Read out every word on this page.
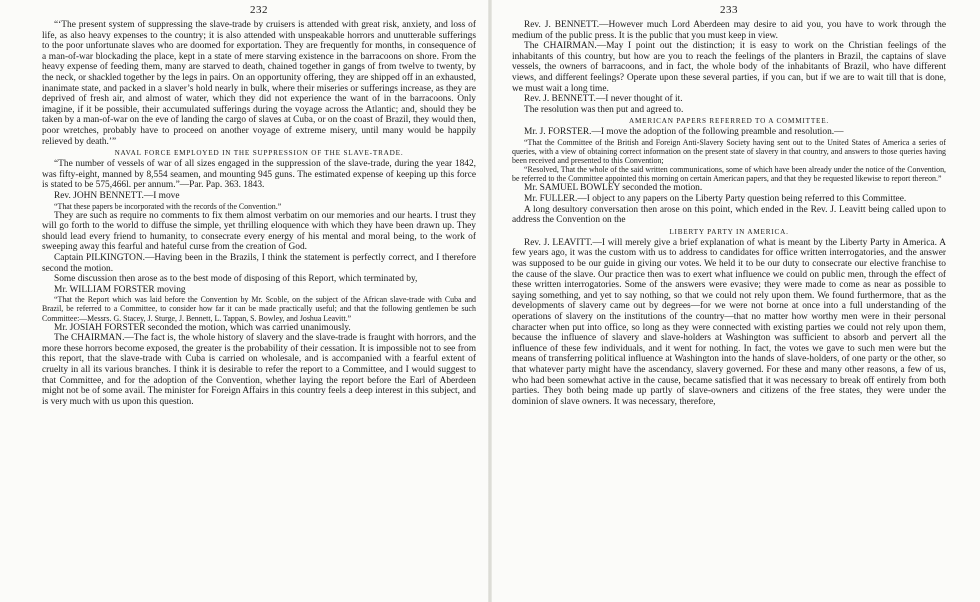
232

“‘The present system of suppressing the slave-trade by cruisers is attended with great risk, anxiety, and loss of life, as also heavy expenses to the country; it is also attended with unspeakable horrors and unutterable sufferings to the poor unfortunate slaves who are doomed for exportation. They are frequently for months, in consequence of a man-of-war blockading the place, kept in a state of mere starving existence in the barracoons on shore. From the heavy expense of feeding them, many are starved to death, chained together in gangs of from twelve to twenty, by the neck, or shackled together by the legs in pairs. On an opportunity offering, they are shipped off in an exhausted, inanimate state, and packed in a slaver’s hold nearly in bulk, where their miseries or sufferings increase, as they are deprived of fresh air, and almost of water, which they did not experience the want of in the barracoons. Only imagine, if it be possible, their accumulated sufferings during the voyage across the Atlantic; and, should they be taken by a man-of-war on the eve of landing the cargo of slaves at Cuba, or on the coast of Brazil, they would then, poor wretches, probably have to proceed on another voyage of extreme misery, until many would be happily relieved by death.’”

NAVAL FORCE EMPLOYED IN THE SUPPRESSION OF THE SLAVE-TRADE.

“The number of vessels of war of all sizes engaged in the suppression of the slave-trade, during the year 1842, was fifty-eight, manned by 8,554 seamen, and mounting 945 guns. The estimated expense of keeping up this force is stated to be 575,466l. per annum.”—Par. Pap. 363. 1843.

Rev. JOHN BENNETT.—I move

“That these papers be incorporated with the records of the Convention.”

They are such as require no comments to fix them almost verbatim on our memories and our hearts. I trust they will go forth to the world to diffuse the simple, yet thrilling eloquence with which they have been drawn up. They should lead every friend to humanity, to consecrate every energy of his mental and moral being, to the work of sweeping away this fearful and hateful curse from the creation of God.

Captain PILKINGTON.—Having been in the Brazils, I think the statement is perfectly correct, and I therefore second the motion.

Some discussion then arose as to the best mode of disposing of this Report, which terminated by,

Mr. WILLIAM FORSTER moving

“That the Report which was laid before the Convention by Mr. Scoble, on the subject of the African slave-trade with Cuba and Brazil, be referred to a Committee, to consider how far it can be made practically useful; and that the following gentlemen be such Committee:—Messrs. G. Stacey, J. Sturge, J. Bennett, L. Tappan, S. Bowley, and Joshua Leavitt.”

Mr. JOSIAH FORSTER seconded the motion, which was carried unanimously.

The CHAIRMAN.—The fact is, the whole history of slavery and the slave-trade is fraught with horrors, and the more these horrors become exposed, the greater is the probability of their cessation. It is impossible not to see from this report, that the slave-trade with Cuba is carried on wholesale, and is accompanied with a fearful extent of cruelty in all its various branches. I think it is desirable to refer the report to a Committee, and I would suggest to that Committee, and for the adoption of the Convention, whether laying the report before the Earl of Aberdeen might not be of some avail. The minister for Foreign Affairs in this country feels a deep interest in this subject, and is very much with us upon this question.

233

Rev. J. BENNETT.—However much Lord Aberdeen may desire to aid you, you have to work through the medium of the public press. It is the public that you must keep in view.

The CHAIRMAN.—May I point out the distinction; it is easy to work on the Christian feelings of the inhabitants of this country, but how are you to reach the feelings of the planters in Brazil, the captains of slave vessels, the owners of barracoons, and in fact, the whole body of the inhabitants of Brazil, who have different views, and different feelings? Operate upon these several parties, if you can, but if we are to wait till that is done, we must wait a long time.

Rev. J. BENNETT.—I never thought of it.

The resolution was then put and agreed to.

AMERICAN PAPERS REFERRED TO A COMMITTEE.

Mr. J. FORSTER.—I move the adoption of the following preamble and resolution.—

“That the Committee of the British and Foreign Anti-Slavery Society having sent out to the United States of America a series of queries, with a view of obtaining correct information on the present state of slavery in that country, and answers to those queries having been received and presented to this Convention;

“Resolved, That the whole of the said written communications, some of which have been already under the notice of the Convention, be referred to the Committee appointed this morning on certain American papers, and that they be requested likewise to report thereon.”

Mr. SAMUEL BOWLEY seconded the motion.

Mr. FULLER.—I object to any papers on the Liberty Party question being referred to this Committee.

A long desultory conversation then arose on this point, which ended in the Rev. J. Leavitt being called upon to address the Convention on the

LIBERTY PARTY IN AMERICA.

Rev. J. LEAVITT.—I will merely give a brief explanation of what is meant by the Liberty Party in America. A few years ago, it was the custom with us to address to candidates for office written interrogatories, and the answer was supposed to be our guide in giving our votes. We held it to be our duty to consecrate our elective franchise to the cause of the slave. Our practice then was to exert what influence we could on public men, through the effect of these written interrogatories. Some of the answers were evasive; they were made to come as near as possible to saying something, and yet to say nothing, so that we could not rely upon them. We found furthermore, that as the developments of slavery came out by degrees—for we were not borne at once into a full understanding of the operations of slavery on the institutions of the country—that no matter how worthy men were in their personal character when put into office, so long as they were connected with existing parties we could not rely upon them, because the influence of slavery and slave-holders at Washington was sufficient to absorb and pervert all the influence of these few individuals, and it went for nothing. In fact, the votes we gave to such men were but the means of transferring political influence at Washington into the hands of slave-holders, of one party or the other, so that whatever party might have the ascendancy, slavery governed. For these and many other reasons, a few of us, who had been somewhat active in the cause, became satisfied that it was necessary to break off entirely from both parties. They both being made up partly of slave-owners and citizens of the free states, they were under the dominion of slave owners. It was necessary, therefore,
